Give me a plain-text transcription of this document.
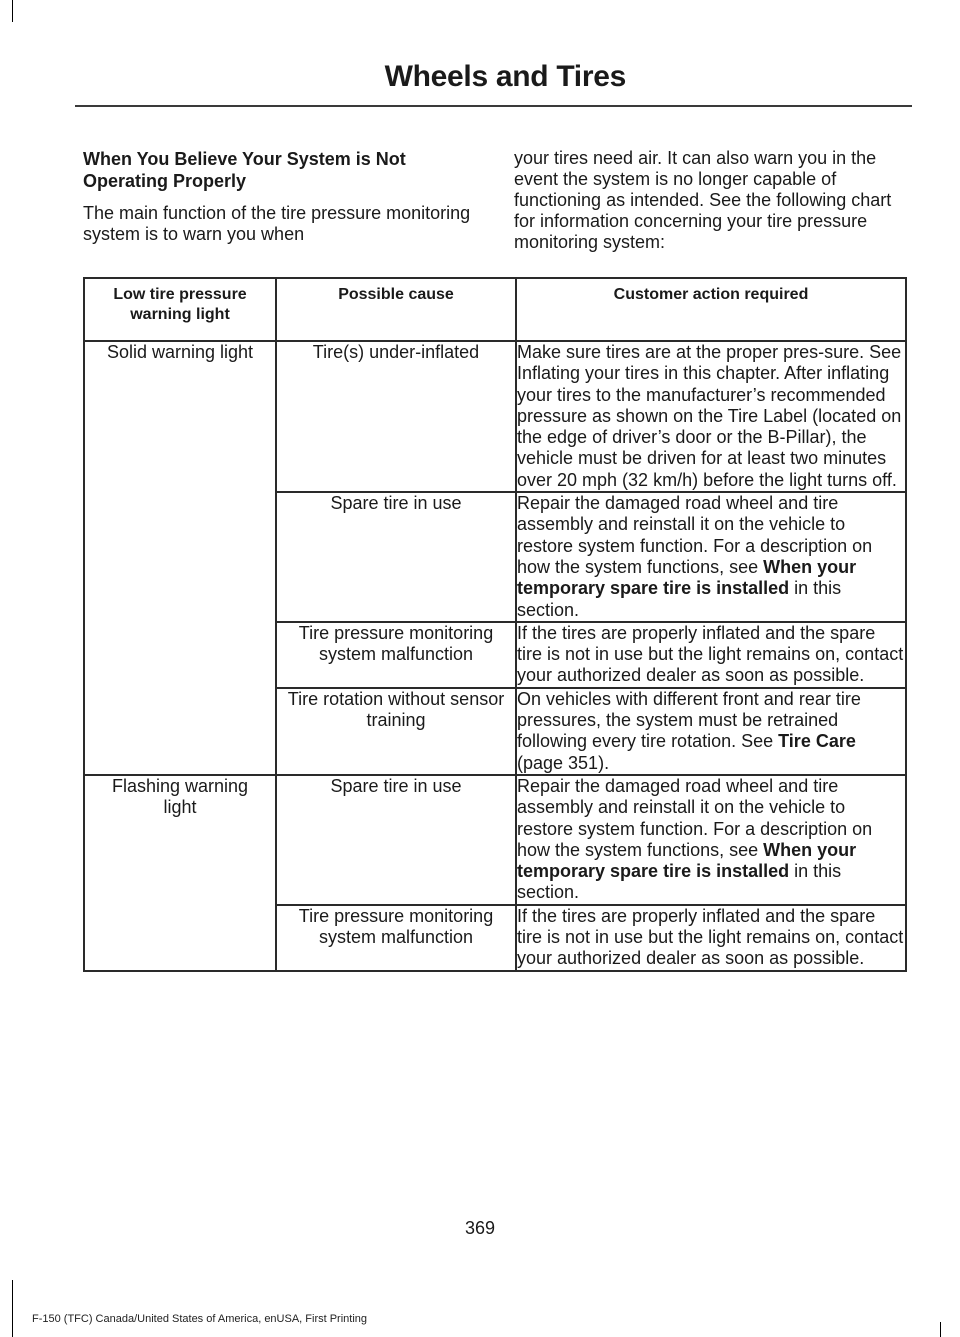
Wheels and Tires

When You Believe Your System is Not Operating Properly

The main function of the tire pressure monitoring system is to warn you when

your tires need air. It can also warn you in the event the system is no longer capable of functioning as intended. See the following chart for information concerning your tire pressure monitoring system:

Low tire pressure warning light	Possible cause	Customer action required
Solid warning light	Tire(s) under-inflated	Make sure tires are at the proper pres-sure. See Inflating your tires in this chapter. After inflating your tires to the manufacturer’s recommended pressure as shown on the Tire Label (located on the edge of driver’s door or the B-Pillar), the vehicle must be driven for at least two minutes over 20 mph (32 km/h) before the light turns off.
	Spare tire in use	Repair the damaged road wheel and tire assembly and reinstall it on the vehicle to restore system function. For a description on how the system functions, see When your temporary spare tire is installed in this section.
	Tire pressure monitoring system malfunction	If the tires are properly inflated and the spare tire is not in use but the light remains on, contact your authorized dealer as soon as possible.
	Tire rotation without sensor training	On vehicles with different front and rear tire pressures, the system must be retrained following every tire rotation. See Tire Care (page 351).
Flashing warning light	Spare tire in use	Repair the damaged road wheel and tire assembly and reinstall it on the vehicle to restore system function. For a description on how the system functions, see When your temporary spare tire is installed in this section.
	Tire pressure monitoring system malfunction	If the tires are properly inflated and the spare tire is not in use but the light remains on, contact your authorized dealer as soon as possible.
369
F-150 (TFC) Canada/United States of America, enUSA, First Printing
